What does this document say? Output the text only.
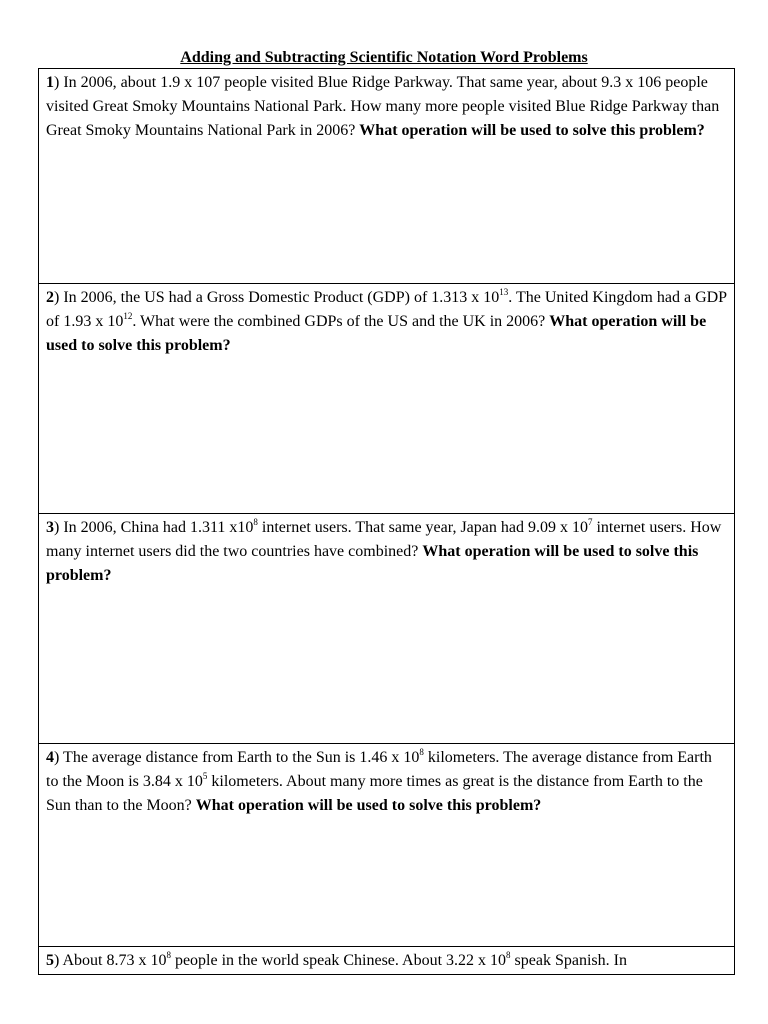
Adding and Subtracting Scientific Notation Word Problems
1) In 2006, about 1.9 x 107 people visited Blue Ridge Parkway. That same year, about 9.3 x 106 people visited Great Smoky Mountains National Park. How many more people visited Blue Ridge Parkway than Great Smoky Mountains National Park in 2006? What operation will be used to solve this problem?
2) In 2006, the US had a Gross Domestic Product (GDP) of 1.313 x $10^{13}$. The United Kingdom had a GDP of 1.93 x $10^{12}$. What were the combined GDPs of the US and the UK in 2006? What operation will be used to solve this problem?
3) In 2006, China had 1.311 $x10^8$ internet users. That same year, Japan had 9.09 x $10^7$ internet users. How many internet users did the two countries have combined? What operation will be used to solve this problem?
4) The average distance from Earth to the Sun is 1.46 x $10^8$ kilometers. The average distance from Earth to the Moon is 3.84 x $10^5$ kilometers. About many more times as great is the distance from Earth to the Sun than to the Moon? What operation will be used to solve this problem?
5) About 8.73 x $10^8$ people in the world speak Chinese. About 3.22 x $10^8$ speak Spanish. In
